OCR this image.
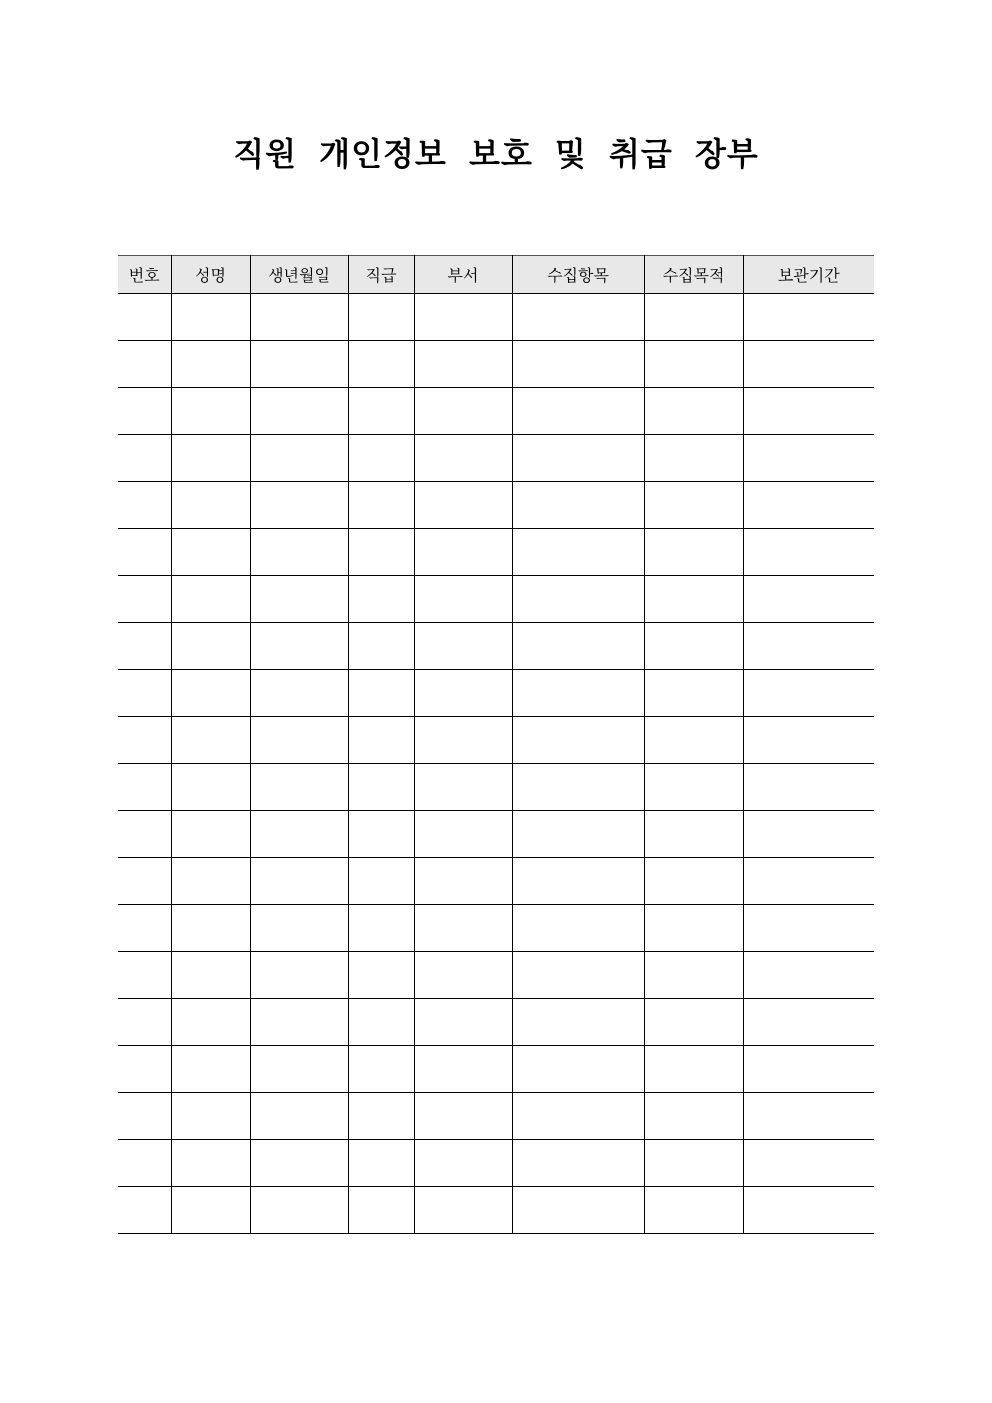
직원 개인정보 보호 및 취급 장부
번호	성명	생년월일	직급	부서	수집항목	수집목적	보관기간
